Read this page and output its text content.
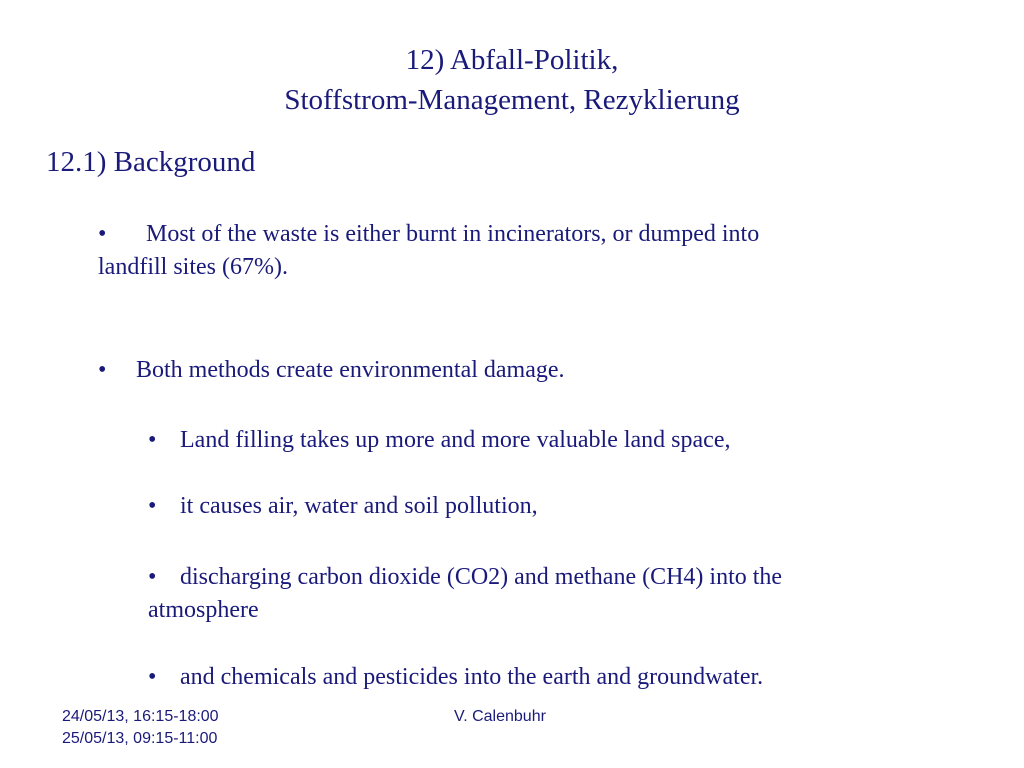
12) Abfall-Politik,
Stoffstrom-Management, Rezyklierung
12.1) Background
• Most of the waste is either burnt in incinerators, or dumped into
landfill sites (67%).
• Both methods create environmental damage.
• Land filling takes up more and more valuable land space,
• it causes air, water and soil pollution,
• discharging carbon dioxide (CO2) and methane (CH4) into the
atmosphere
• and chemicals and pesticides into the earth and groundwater.
24/05/13, 16:15-18:00
25/05/13, 09:15-11:00
V. Calenbuhr
